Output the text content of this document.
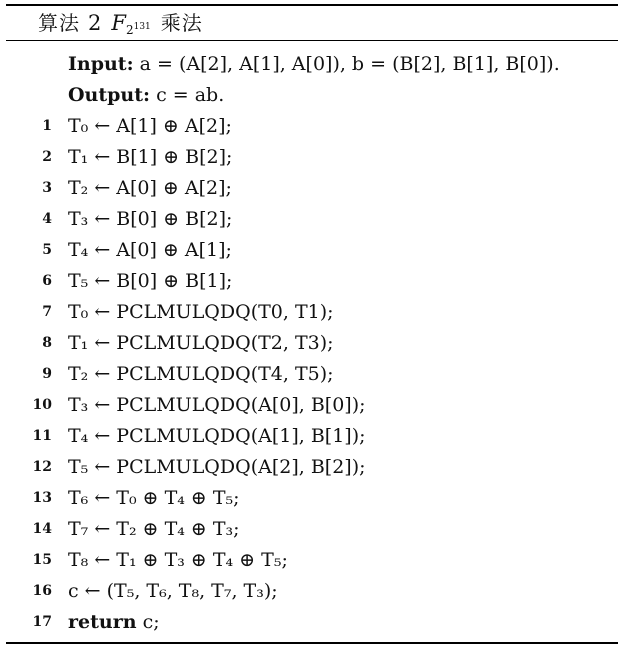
算法 2 $F2^{131}$ 乘法
Input: a = (A[2], A[1], A[0]), b = (B[2], B[1], B[0]).
Output: c = ab.
1 T₀ ← A[1] ⊕ A[2];
2 T₁ ← B[1] ⊕ B[2];
3 T₂ ← A[0] ⊕ A[2];
4 T₃ ← B[0] ⊕ B[2];
5 T₄ ← A[0] ⊕ A[1];
6 T₅ ← B[0] ⊕ B[1];
7 T₀ ← PCLMULQDQ(T0, T1);
8 T₁ ← PCLMULQDQ(T2, T3);
9 T₂ ← PCLMULQDQ(T4, T5);
10 T₃ ← PCLMULQDQ(A[0], B[0]);
11 T₄ ← PCLMULQDQ(A[1], B[1]);
12 T₅ ← PCLMULQDQ(A[2], B[2]);
13 T₆ ← T₀ ⊕ T₄ ⊕ T₅;
14 T₇ ← T₂ ⊕ T₄ ⊕ T₃;
15 T₈ ← T₁ ⊕ T₃ ⊕ T₄ ⊕ T₅;
16 c ← (T₅, T₆, T₈, T₇, T₃);
17 return c;
